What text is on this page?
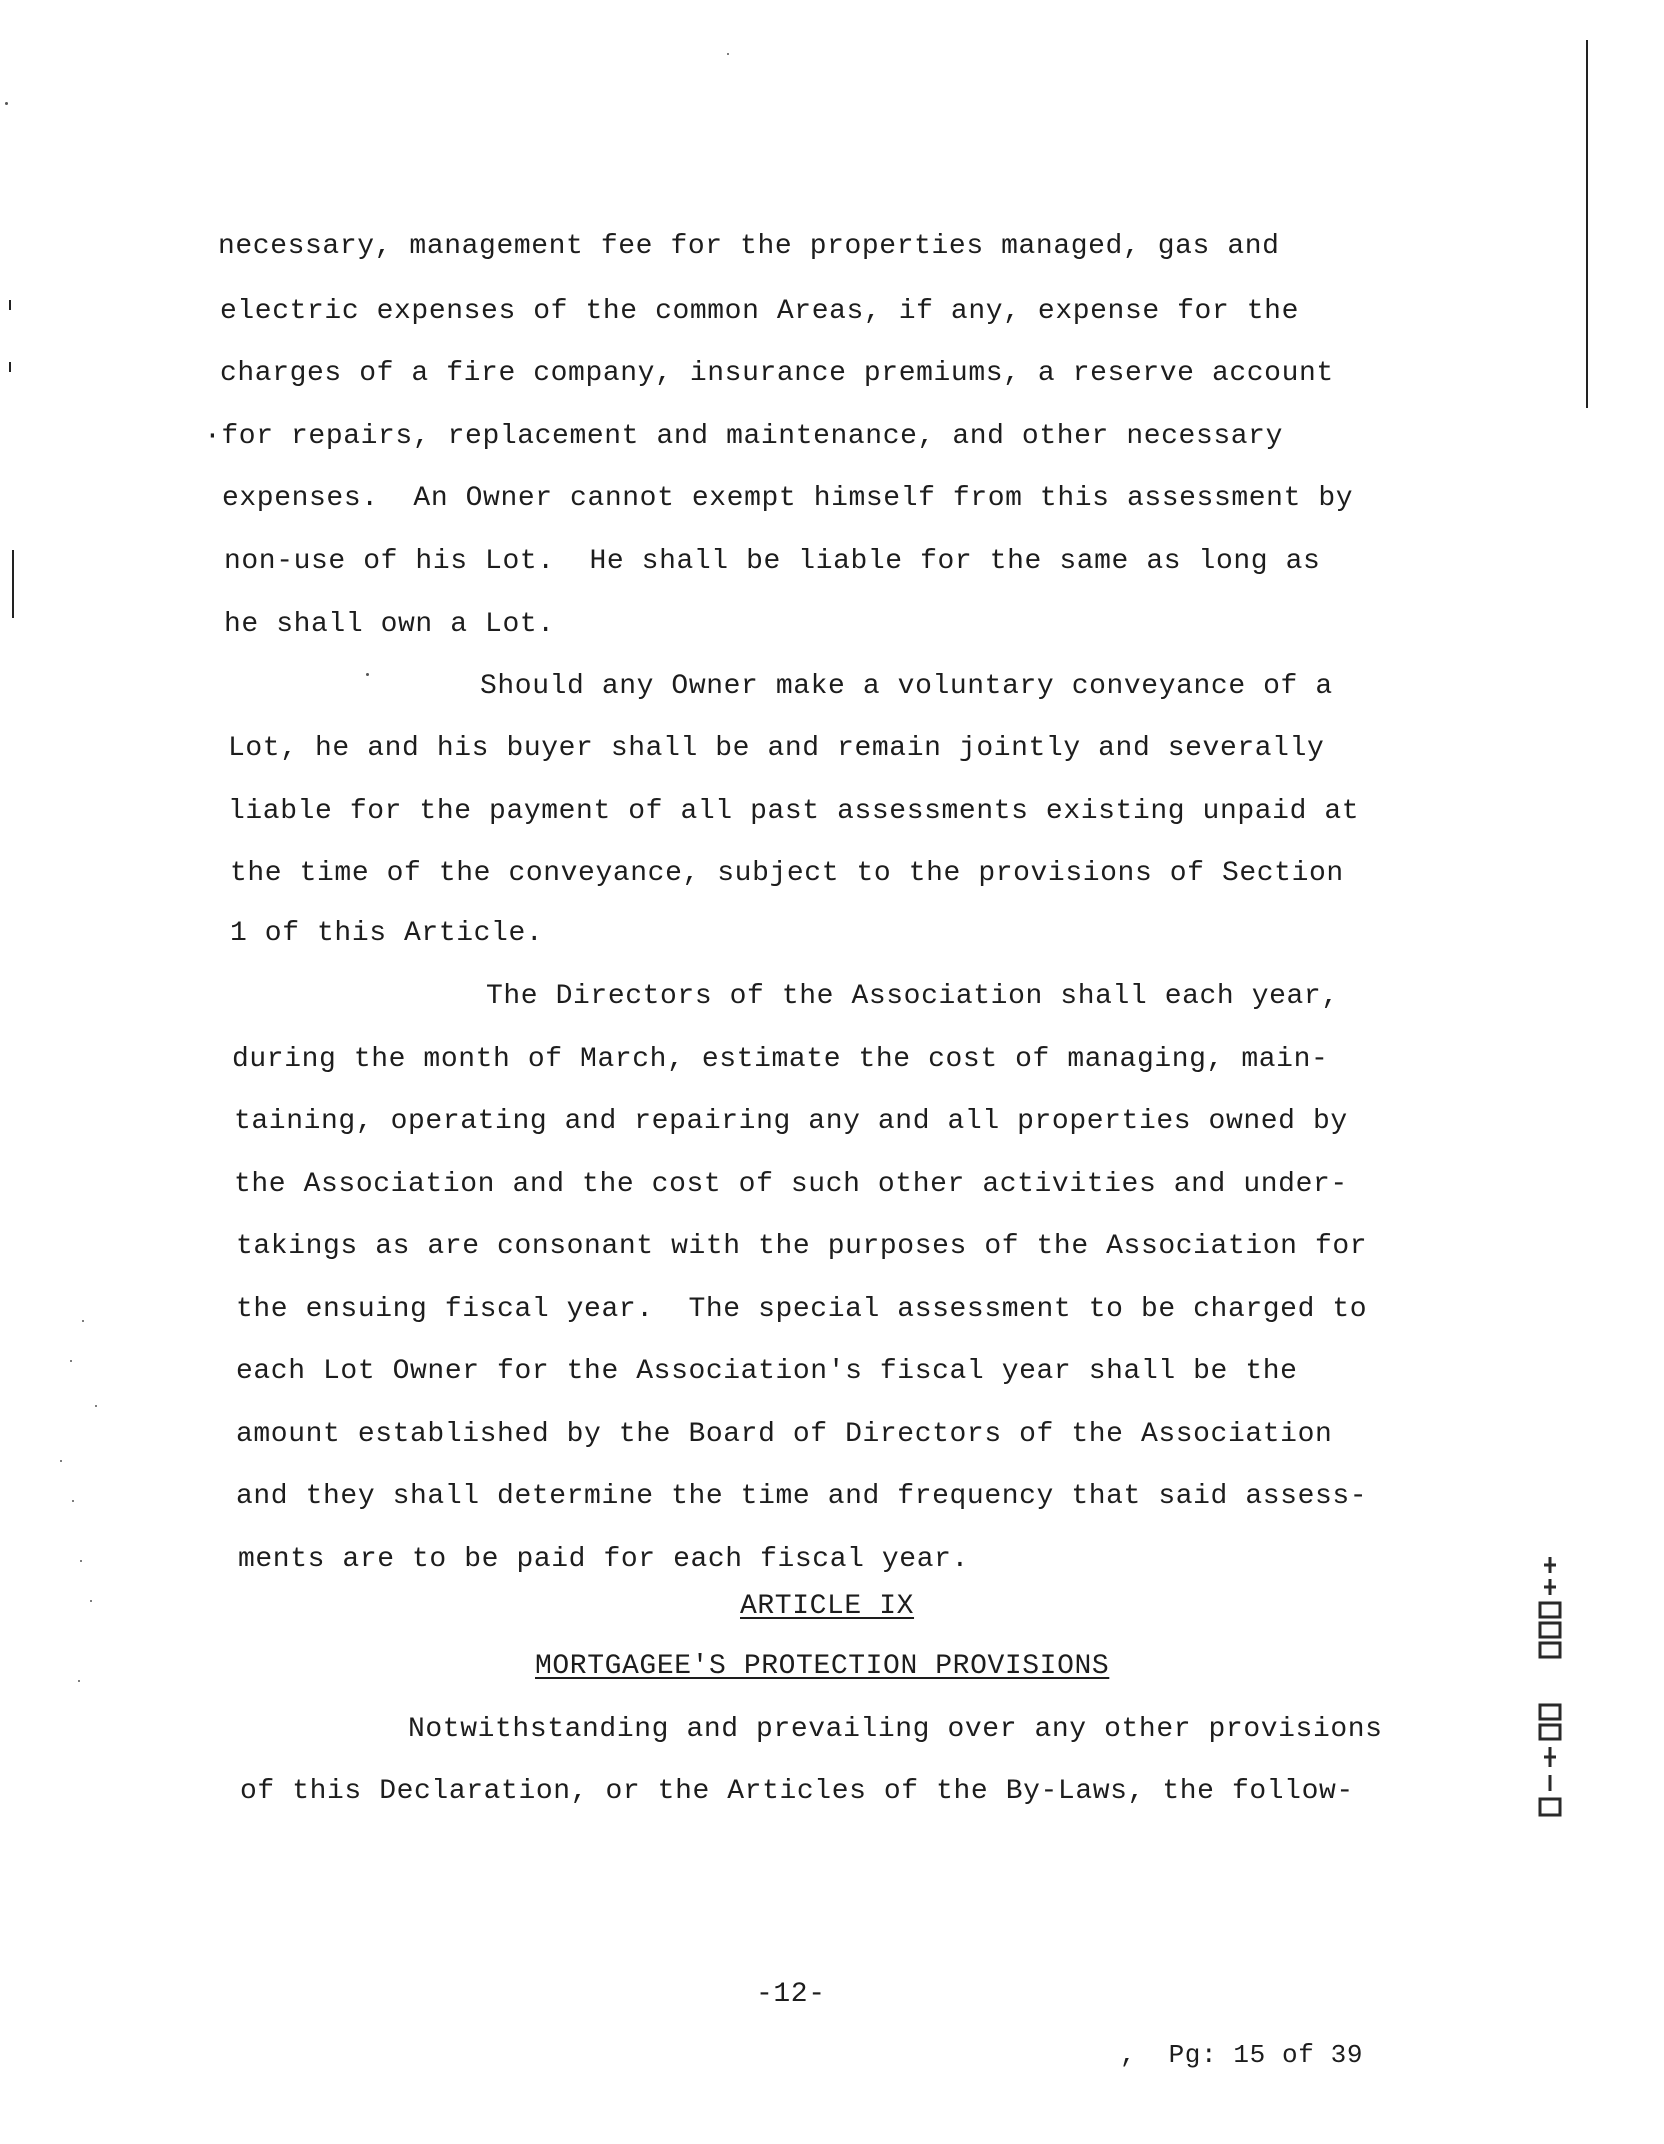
necessary, management fee for the properties managed, gas and
electric expenses of the common Areas, if any, expense for the
charges of a fire company, insurance premiums, a reserve account
·for repairs, replacement and maintenance, and other necessary
expenses.  An Owner cannot exempt himself from this assessment by
non-use of his Lot.  He shall be liable for the same as long as
he shall own a Lot.
Should any Owner make a voluntary conveyance of a
Lot, he and his buyer shall be and remain jointly and severally
liable for the payment of all past assessments existing unpaid at
the time of the conveyance, subject to the provisions of Section
1 of this Article.
The Directors of the Association shall each year,
during the month of March, estimate the cost of managing, main-
taining, operating and repairing any and all properties owned by
the Association and the cost of such other activities and under-
takings as are consonant with the purposes of the Association for
the ensuing fiscal year.  The special assessment to be charged to
each Lot Owner for the Association's fiscal year shall be the
amount established by the Board of Directors of the Association
and they shall determine the time and frequency that said assess-
ments are to be paid for each fiscal year.
ARTICLE IX
MORTGAGEE'S PROTECTION PROVISIONS
Notwithstanding and prevailing over any other provisions
of this Declaration, or the Articles of the By-Laws, the follow-
-12-
,  Pg: 15 of 39
